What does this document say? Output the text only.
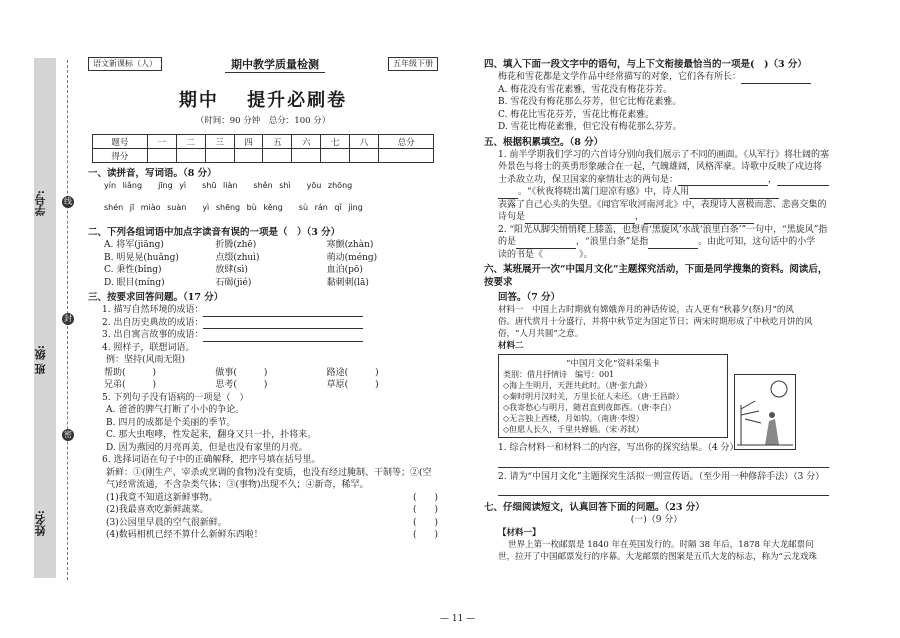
学号:
班 级:
姓名:
线
封
密
语文新课标（人）	期中教学质量检测	五年级下册
期中 提升必刷卷
（时间：90 分钟　总分：100 分）
题号	一	二	三	四	五	六	七	八	总分
得分									
一、读拼音，写词语。（8 分）
yín liǎng　　jīng yì　　shū liàn　　shěn shì　　yōu zhōng
shén jī miào suàn　　yì shēng bù kěng　　sù rán qǐ jìng
二、下列各组词语中加点字读音有误的一项是（　）（3 分）
A. 将军(jiāng)	折腾(zhē)	寒颤(zhàn)
B. 明晃晃(huǎng)	点缀(zhuì)	萌动(méng)
C. 秉性(bǐng)	放肆(sì)	血泊(pō)
D. 眼目(míng)	石碣(jié)	黏刺刺(lā)
三、按要求回答问题。（17 分）
1. 描写自然环境的成语：
2. 出自历史典故的成语：
3. 出自寓言故事的成语：
4. 照样子，联想词语。
例：坚持(风雨无阻)
帮助(　　　)	做事(　　　)	路途(　　　)
兄弟(　　　)	思考(　　　)	草原(　　　)
5. 下列句子没有语病的一项是（　）
A. 爸爸的脾气打断了小小的争论。
B. 四月的成都是个美丽的季节。
C. 那大虫咆哮，性发起来，翻身又只一扑，扑将来。
D. 因为燕园的月亮再美，但是也没有家里的月亮。
6. 选择词语在句子中的正确解释，把序号填在括号里。
新鲜：①(刚生产、宰杀或烹调的食物)没有变质，也没有经过腌制、干制等；②(空
气)经常流通，不含杂类气体；③(事物)出现不久；④新奇，稀罕。
(1)我竟不知道这新鲜事物。	(　　)
(2)我最喜欢吃新鲜蔬菜。	(　　)
(3)公园里早晨的空气很新鲜。	(　　)
(4)数码相机已经不算什么新鲜东西啦！	(　　)
四、填入下面一段文字中的语句，与上下文衔接最恰当的一项是(　)（3 分）
梅花和雪花都是文学作品中经常描写的对象，它们各有所长：
A. 梅花没有雪花素雅，雪花没有梅花芬芳。
B. 雪花没有梅花那么芬芳，但它比梅花素雅。
C. 梅花比雪花芬芳，雪花比梅花素雅。
D. 雪花比梅花素雅，但它没有梅花那么芬芳。
五、根据积累填空。（8 分）
1. 前半学期我们学习的六首诗分别向我们展示了不同的画面。《从军行》将壮阔的塞
外景色与将士的英勇形象融合在一起，气魄雄阔，风格浑豪。诗歌中反映了戍边将
士杀敌立功，保卫国家的豪情壮志的两句是：	，
。“《秋夜将晓出篱门迎凉有感》中，诗人用
表露了自己心头的失望。《闻官军收河南河北》中，表现诗人喜极而悲、悲喜交集的
诗句是	，
2. “阳光从脚尖悄悄爬上膝盖，也想看‘黑旋风’水战‘浪里白条’”一句中，“黑旋风”指
的是	，“浪里白条”是指	。由此可知，这句话中的小学
读的书是《　　　　》。
六、某班展开一次“中国月文化”主题探究活动，下面是同学搜集的资料。阅读后，按要求
回答。（7 分）
材料一　中国上古时期就有嫦娥奔月的神话传说，古人更有“秋暮夕(祭)月”的风
俗。唐代赏月十分盛行，并将中秋节定为国定节日；两宋时期形成了中秋吃月饼的风
俗，“人月共圆”之意。
材料二
“中国月文化”资料采集卡
类别：借月抒情诗　编号：001
◇海上生明月，天涯共此时。（唐·张九龄）
◇秦时明月汉时关，万里长征人未还。（唐·王昌龄）
◇我寄愁心与明月，随君直到夜郎西。（唐·李白）
◇无言独上西楼，月如钩。（南唐·李煜）
◇但愿人长久，千里共婵娟。（宋·苏轼）
1. 综合材料一和材料二的内容，写出你的探究结果。（4 分）
2. 请为“中国月文化”主题探究生活拟一则宣传语。（至少用一种修辞手法）（3 分）
七、仔细阅读短文，认真回答下面的问题。（23 分）
(一)（9 分）
【材料一】
世界上第一枚邮票是 1840 年在英国发行的。时隔 38 年后，1878 年大龙邮票问
世，拉开了中国邮票发行的序幕。大龙邮票的图案是五爪大龙的标志，称为“云龙戏珠
— 11 —
